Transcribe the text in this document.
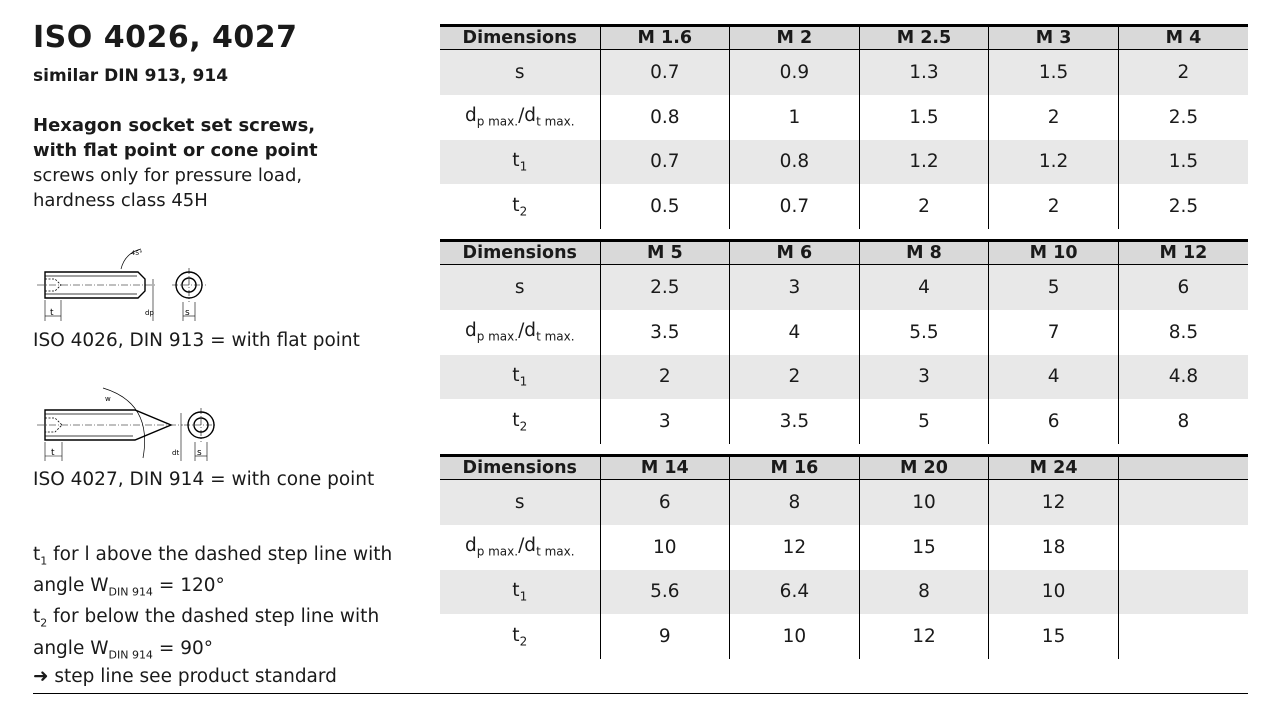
ISO 4026, 4027
similar DIN 913, 914
Hexagon socket set screws,
with flat point or cone point
screws only for pressure load,
hardness class 45H
t	s
dp
45°
ISO 4026, DIN 913 = with flat point
t	s
dt
w
ISO 4027, DIN 914 = with cone point
$t_1$ for l above the dashed step line with
angle $W_{DIN 914} = 120^\circ$
$t_2$ for below the dashed step line with
angle $W_{DIN 914} = 90^\circ$
➜ step line see product standard
Dimensions	M 1.6	M 2	M 2.5	M 3	M 4
s	0.7	0.9	1.3	1.5	2
$d_{p max.}/d_{t max.}$	0.8	1	1.5	2	2.5
$t_1$	0.7	0.8	1.2	1.2	1.5
$t_2$	0.5	0.7	2	2	2.5
Dimensions	M 5	M 6	M 8	M 10	M 12
s	2.5	3	4	5	6
$d_{p max.}/d_{t max.}$	3.5	4	5.5	7	8.5
$t_1$	2	2	3	4	4.8
$t_2$	3	3.5	5	6	8
Dimensions	M 14	M 16	M 20	M 24	
s	6	8	10	12	
$d_{p max.}/d_{t max.}$	10	12	15	18	
$t_1$	5.6	6.4	8	10	
$t_2$	9	10	12	15	
